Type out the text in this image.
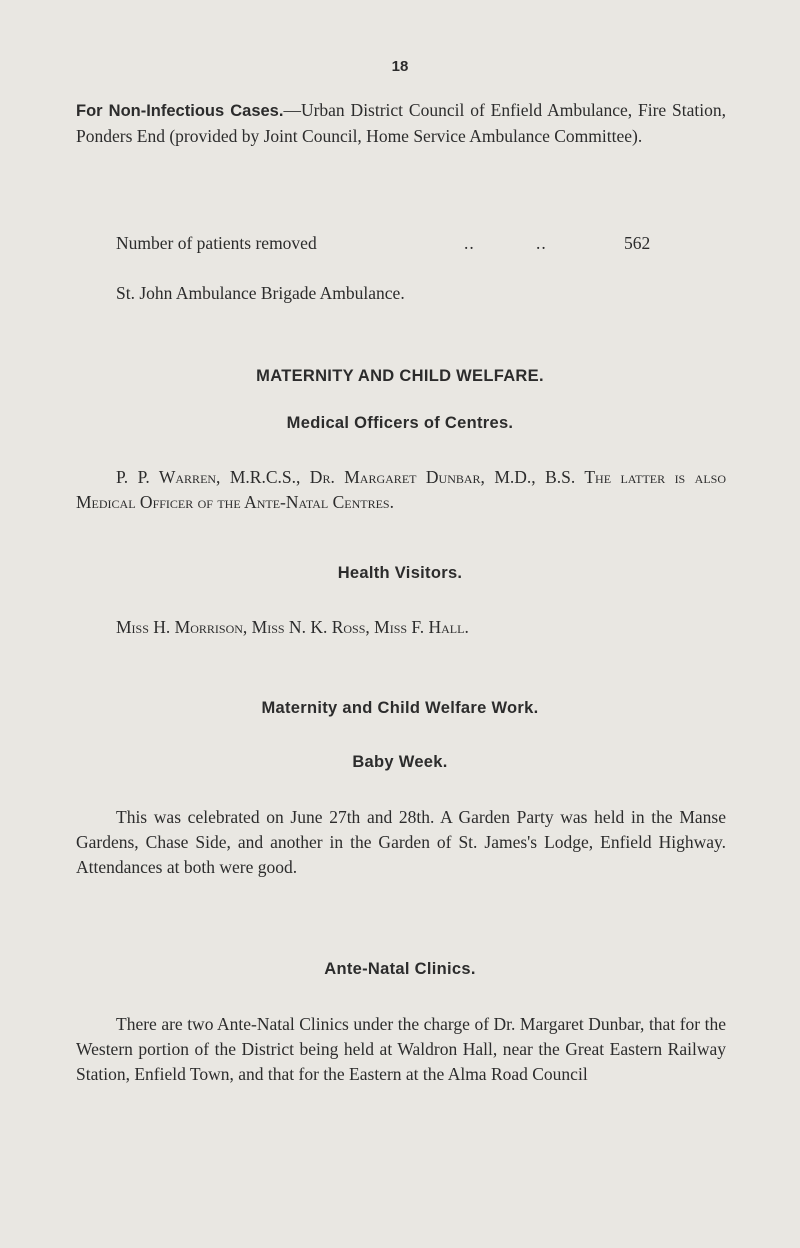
18
For Non-Infectious Cases.—Urban District Council of Enfield Ambulance, Fire Station, Ponders End (provided by Joint Council, Home Service Ambulance Committee).
Number of patients removed	..	..	562
St. John Ambulance Brigade Ambulance.
MATERNITY AND CHILD WELFARE.
Medical Officers of Centres.
P. P. Warren, M.R.C.S., Dr. Margaret Dunbar, M.D., B.S. The latter is also Medical Officer of the Ante-Natal Centres.
Health Visitors.
Miss H. Morrison, Miss N. K. Ross, Miss F. Hall.
Maternity and Child Welfare Work.
Baby Week.
This was celebrated on June 27th and 28th. A Garden Party was held in the Manse Gardens, Chase Side, and another in the Garden of St. James's Lodge, Enfield Highway. Attendances at both were good.
Ante-Natal Clinics.
There are two Ante-Natal Clinics under the charge of Dr. Margaret Dunbar, that for the Western portion of the District being held at Waldron Hall, near the Great Eastern Railway Station, Enfield Town, and that for the Eastern at the Alma Road Council
